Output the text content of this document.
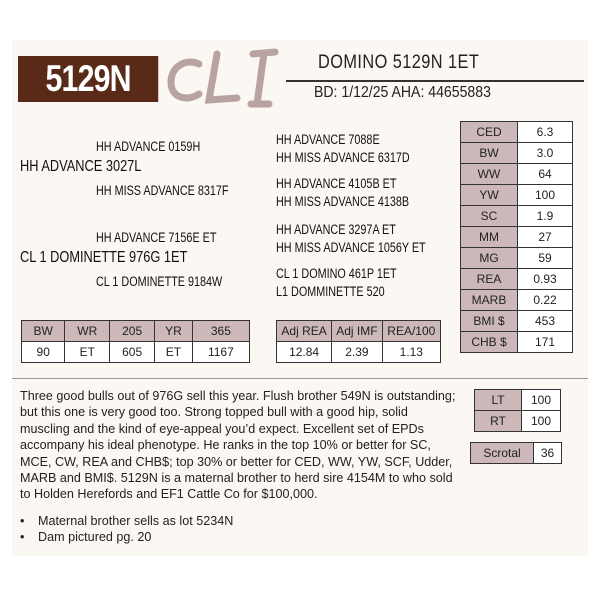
5129N	DOMINO 5129N 1ET
BD: 1/12/25 AHA: 44655883
HH ADVANCE 0159H
HH ADVANCE 3027L
HH MISS ADVANCE 8317F
HH ADVANCE 7156E ET
CL 1 DOMINETTE 976G 1ET
CL 1 DOMINETTE 9184W
HH ADVANCE 7088E
HH MISS ADVANCE 6317D
HH ADVANCE 4105B ET
HH MISS ADVANCE 4138B
HH ADVANCE 3297A ET
HH MISS ADVANCE 1056Y ET
CL 1 DOMINO 461P 1ET
L1 DOMMINETTE 520
BW	WR	205	YR	365
90	ET	605	ET	1167
Adj REA	Adj IMF	REA/100
12.84	2.39	1.13
CED	6.3
BW	3.0
WW	64
YW	100
SC	1.9
MM	27
MG	59
REA	0.93
MARB	0.22
BMI $	453
CHB $	171
LT	100
RT	100
Scrotal	36
Three good bulls out of 976G sell this year. Flush brother 549N is outstanding; but this one is very good too. Strong topped bull with a good hip, solid muscling and the kind of eye-appeal you’d expect. Excellent set of EPDs accompany his ideal phenotype. He ranks in the top 10% or better for SC, MCE, CW, REA and CHB$; top 30% or better for CED, WW, YW, SCF, Udder, MARB and BMI$. 5129N is a maternal brother to herd sire 4154M to who sold to Holden Herefords and EF1 Cattle Co for $100,000.
• Maternal brother sells as lot 5234N
• Dam pictured pg. 20
